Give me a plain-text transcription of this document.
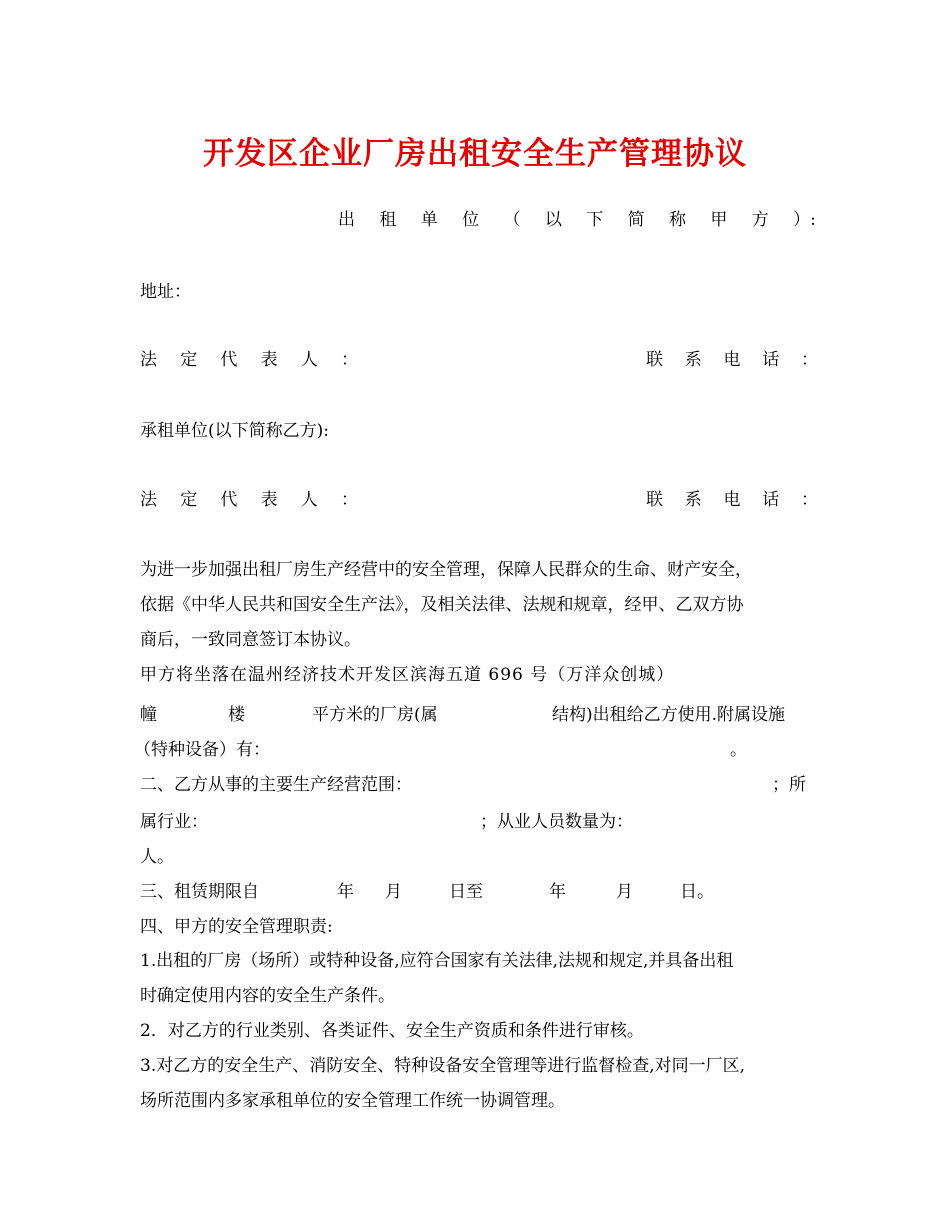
开发区企业厂房出租安全生产管理协议
出 租 单 位 （ 以 下 简 称 甲 方 ）:
地址：
法 定 代 表 人 ：	联 系 电 话 ：
承租单位(以下简称乙方):
法 定 代 表 人 ：	联 系 电 话 ：
为进一步加强出租厂房生产经营中的安全管理，保障人民群众的生命、财产安全，
依据《中华人民共和国安全生产法》，及相关法律、法规和规章，经甲、乙双方协
商后，一致同意签订本协议。
甲方将坐落在温州经济技术开发区滨海五道 696 号（万洋众创城）
幢	楼	平方米的厂房(属	结构)出租给乙方使用.附属设施
（特种设备）有：	。
二、乙方从事的主要生产经营范围：	；所
属行业：	；从业人员数量为：
人。
三、租赁期限自	年 月	日至	年	月	日。
四、甲方的安全管理职责:
1.出租的厂房（场所）或特种设备,应符合国家有关法律,法规和规定,并具备出租
时确定使用内容的安全生产条件。
2．对乙方的行业类别、各类证件、安全生产资质和条件进行审核。
3.对乙方的安全生产、消防安全、特种设备安全管理等进行监督检查,对同一厂区,
场所范围内多家承租单位的安全管理工作统一协调管理。
